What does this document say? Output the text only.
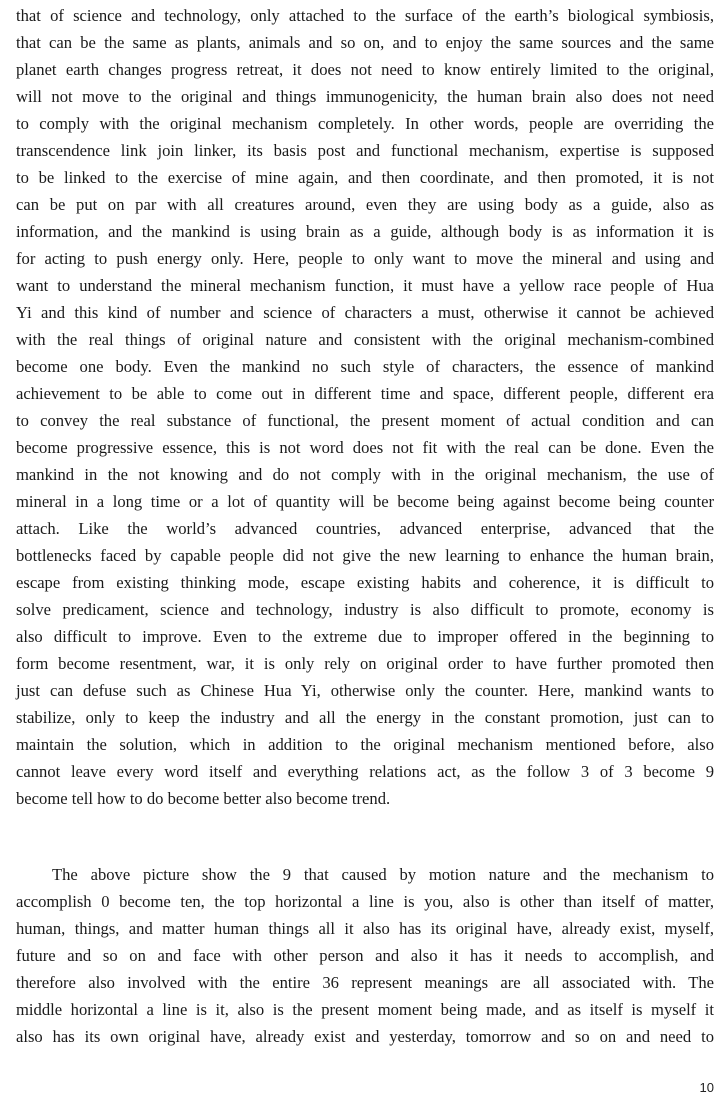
that of science and technology, only attached to the surface of the earth’s biological symbiosis,
that can be the same as plants, animals and so on, and to enjoy the same sources and the same
planet earth changes progress retreat, it does not need to know entirely limited to the original,
will not move to the original and things immunogenicity, the human brain also does not need
to comply with the original mechanism completely. In other words, people are overriding the
transcendence link join linker, its basis post and functional mechanism, expertise is supposed
to be linked to the exercise of mine again, and then coordinate, and then promoted, it is not
can be put on par with all creatures around, even they are using body as a guide, also as
information, and the mankind is using brain as a guide, although body is as information it is
for acting to push energy only. Here, people to only want to move the mineral and using and
want to understand the mineral mechanism function, it must have a yellow race people of Hua
Yi and this kind of number and science of characters a must, otherwise it cannot be achieved
with the real things of original nature and consistent with the original mechanism-combined
become one body. Even the mankind no such style of characters, the essence of mankind
achievement to be able to come out in different time and space, different people, different era
to convey the real substance of functional, the present moment of actual condition and can
become progressive essence, this is not word does not fit with the real can be done. Even the
mankind in the not knowing and do not comply with in the original mechanism, the use of
mineral in a long time or a lot of quantity will be become being against become being counter
attach. Like the world’s advanced countries, advanced enterprise, advanced that the
bottlenecks faced by capable people did not give the new learning to enhance the human brain,
escape from existing thinking mode, escape existing habits and coherence, it is difficult to
solve predicament, science and technology, industry is also difficult to promote, economy is
also difficult to improve. Even to the extreme due to improper offered in the beginning to
form become resentment, war, it is only rely on original order to have further promoted then
just can defuse such as Chinese Hua Yi, otherwise only the counter. Here, mankind wants to
stabilize, only to keep the industry and all the energy in the constant promotion, just can to
maintain the solution, which in addition to the original mechanism mentioned before, also
cannot leave every word itself and everything relations act, as the follow 3 of 3 become 9
become tell how to do become better also become trend.
The above picture show the 9 that caused by motion nature and the mechanism to
accomplish 0 become ten, the top horizontal a line is you, also is other than itself of matter,
human, things, and matter human things all it also has its original have, already exist, myself,
future and so on and face with other person and also it has it needs to accomplish, and
therefore also involved with the entire 36 represent meanings are all associated with. The
middle horizontal a line is it, also is the present moment being made, and as itself is myself it
also has its own original have, already exist and yesterday, tomorrow and so on and need to
10
